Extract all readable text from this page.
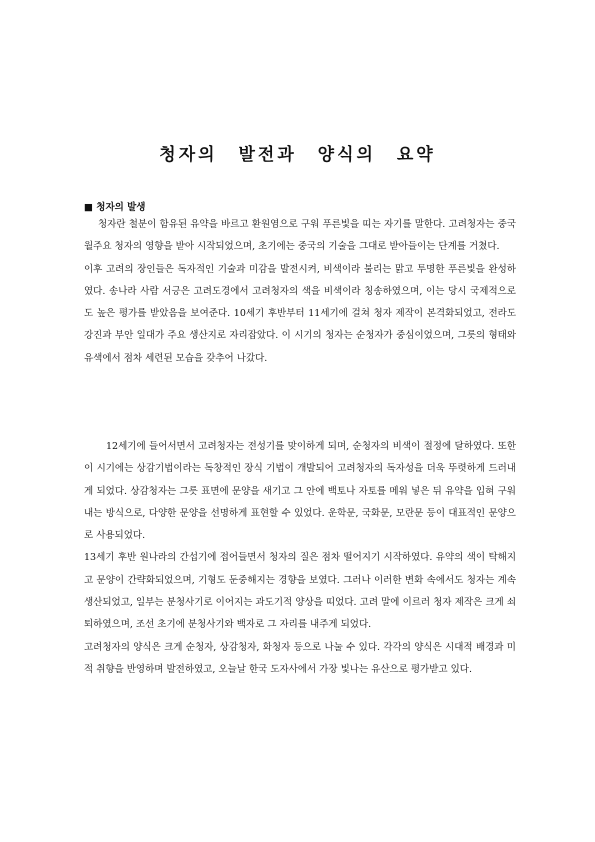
청자의 발전과 양식의 요약
■ 청자의 발생

청자란 철분이 함유된 유약을 바르고 환원염으로 구워 푸른빛을 띠는 자기를 말한다. 고려청자는 중국 월주요 청자의 영향을 받아 시작되었으며, 초기에는 중국의 기술을 그대로 받아들이는 단계를 거쳤다.

이후 고려의 장인들은 독자적인 기술과 미감을 발전시켜, 비색이라 불리는 맑고 투명한 푸른빛을 완성하였다. 송나라 사람 서긍은 고려도경에서 고려청자의 색을 비색이라 칭송하였으며, 이는 당시 국제적으로도 높은 평가를 받았음을 보여준다. 10세기 후반부터 11세기에 걸쳐 청자 제작이 본격화되었고, 전라도 강진과 부안 일대가 주요 생산지로 자리잡았다. 이 시기의 청자는 순청자가 중심이었으며, 그릇의 형태와 유색에서 점차 세련된 모습을 갖추어 나갔다.

12세기에 들어서면서 고려청자는 전성기를 맞이하게 되며, 순청자의 비색이 절정에 달하였다. 또한 이 시기에는 상감기법이라는 독창적인 장식 기법이 개발되어 고려청자의 독자성을 더욱 뚜렷하게 드러내게 되었다. 상감청자는 그릇 표면에 문양을 새기고 그 안에 백토나 자토를 메워 넣은 뒤 유약을 입혀 구워내는 방식으로, 다양한 문양을 선명하게 표현할 수 있었다. 운학문, 국화문, 모란문 등이 대표적인 문양으로 사용되었다.

13세기 후반 원나라의 간섭기에 접어들면서 청자의 질은 점차 떨어지기 시작하였다. 유약의 색이 탁해지고 문양이 간략화되었으며, 기형도 둔중해지는 경향을 보였다. 그러나 이러한 변화 속에서도 청자는 계속 생산되었고, 일부는 분청사기로 이어지는 과도기적 양상을 띠었다. 고려 말에 이르러 청자 제작은 크게 쇠퇴하였으며, 조선 초기에 분청사기와 백자로 그 자리를 내주게 되었다.

고려청자의 양식은 크게 순청자, 상감청자, 화청자 등으로 나눌 수 있다. 각각의 양식은 시대적 배경과 미적 취향을 반영하며 발전하였고, 오늘날 한국 도자사에서 가장 빛나는 유산으로 평가받고 있다.
